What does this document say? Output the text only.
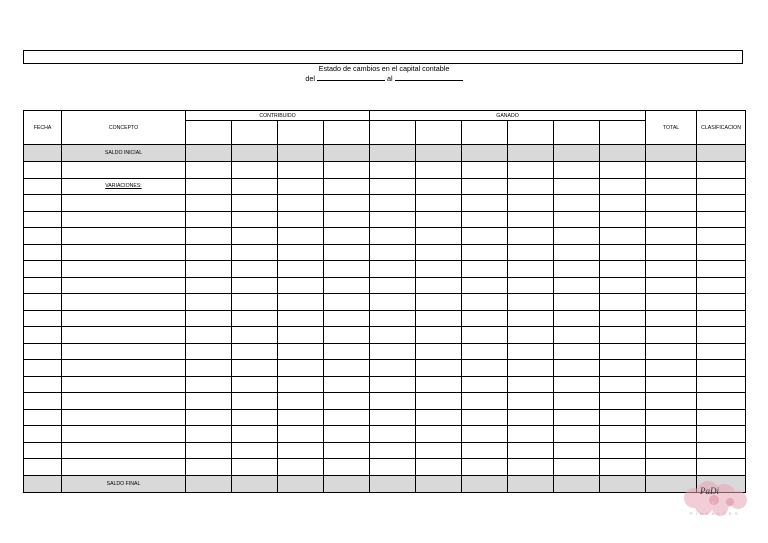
Estado de cambios en el capital contable
del	al
FECHA	CONCEPTO	CONTRIBUIDO				GANADO						TOTAL	CLASIFICACION

	SALDO INICIAL												

	VARIACIONES:												

	SALDO FINAL												
PaDi
P I N K A C C E S
